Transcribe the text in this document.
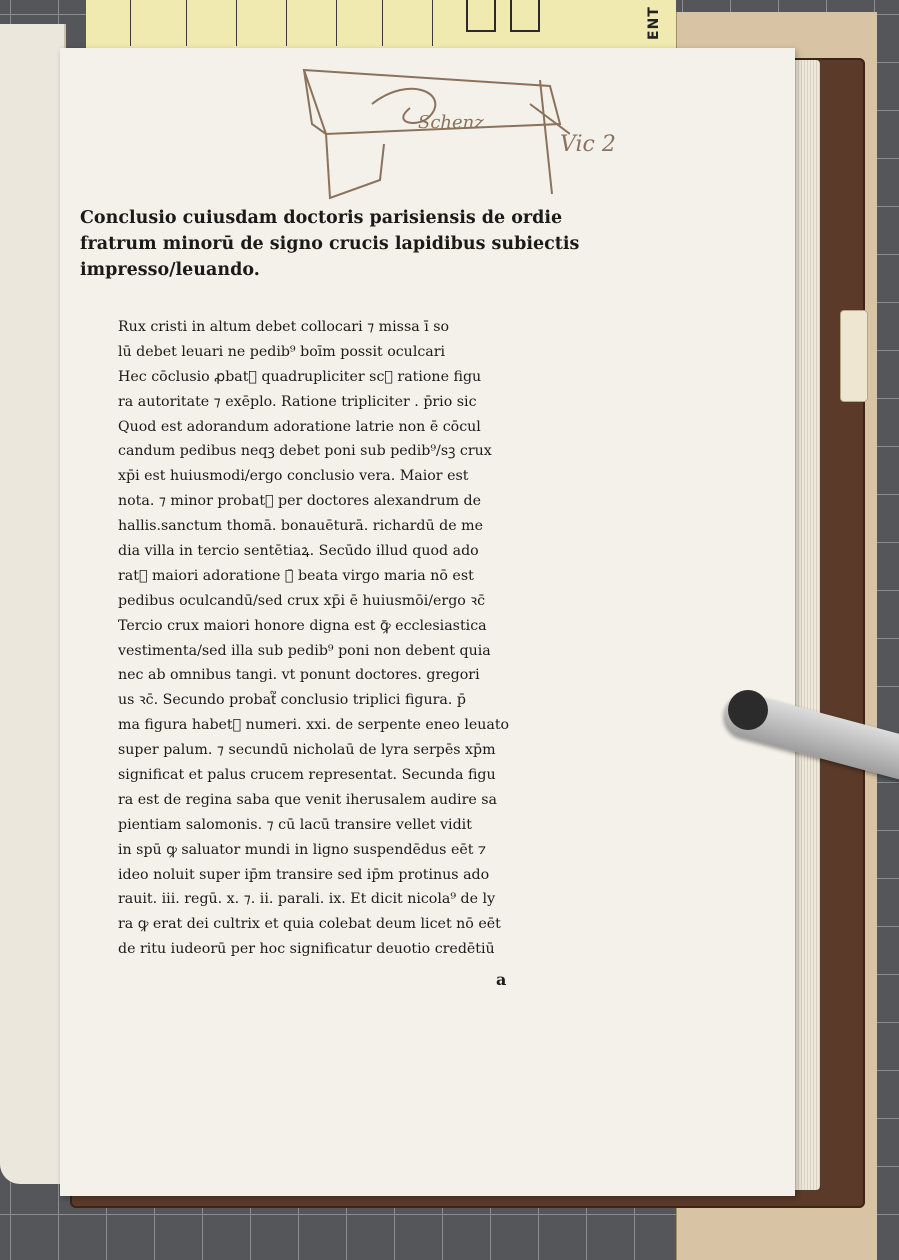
ENT
Schenz
Vic 2
Conclusio cuiusdam doctoris parisiensis de ordie
fratrum minorū de signo crucis lapidibus subiectis
impresso/leuando.
Rux cristi in altum debet collocari ⁊ missa ī so
lū debet leuari ne pedib⁹ boīm possit oculcari
Hec cōclusio ꝓbat᷑ quadrupliciter scꝫ ratione figu
ra autoritate ⁊ exēplo. Ratione tripliciter . p̄rio sic
Quod est adorandum adoratione latrie non ē cōcul
candum pedibus neqꝫ debet poni sub pedib⁹/sꝫ crux
xp̄i est huiusmodi/ergo conclusio vera. Maior est
nota. ⁊ minor probat᷑ per doctores alexandrum de
hallis.sanctum thomā. bonauēturā. richardū de me
dia villa in tercio sentētiaꝝ. Secūdo illud quod ado
rat᷑ maiori adoratione ꝙ̄ beata virgo maria nō est
pedibus oculcandū/sed crux xp̄i ē huiusmōi/ergo ꝛc̄
Tercio crux maiori honore digna est ꝙ̄ ecclesiastica
vestimenta/sed illa sub pedib⁹ poni non debent quia
nec ab omnibus tangi. vt ponunt doctores. gregori
us ꝛc̄. Secundo probat᷑ conclusio triplici figura. p̄
ma figura habet᷑ numeri. xxi. de serpente eneo leuato
super palum. ⁊ secundū nicholaū de lyra serpēs xp̄m
significat et palus crucem representat. Secunda figu
ra est de regina saba que venit iherusalem audire sa
pientiam salomonis. ⁊ cū lacū transire vellet vidit
in spū ꝙ saluator mundi in ligno suspendēdus eēt ⁊
ideo noluit super ip̄m transire sed ip̄m protinus ado
rauit. iii. regū. x. ⁊. ii. parali. ix. Et dicit nicola⁹ de ly
ra ꝙ erat dei cultrix et quia colebat deum licet nō eēt
de ritu iudeorū per hoc significatur deuotio credētiū
a
